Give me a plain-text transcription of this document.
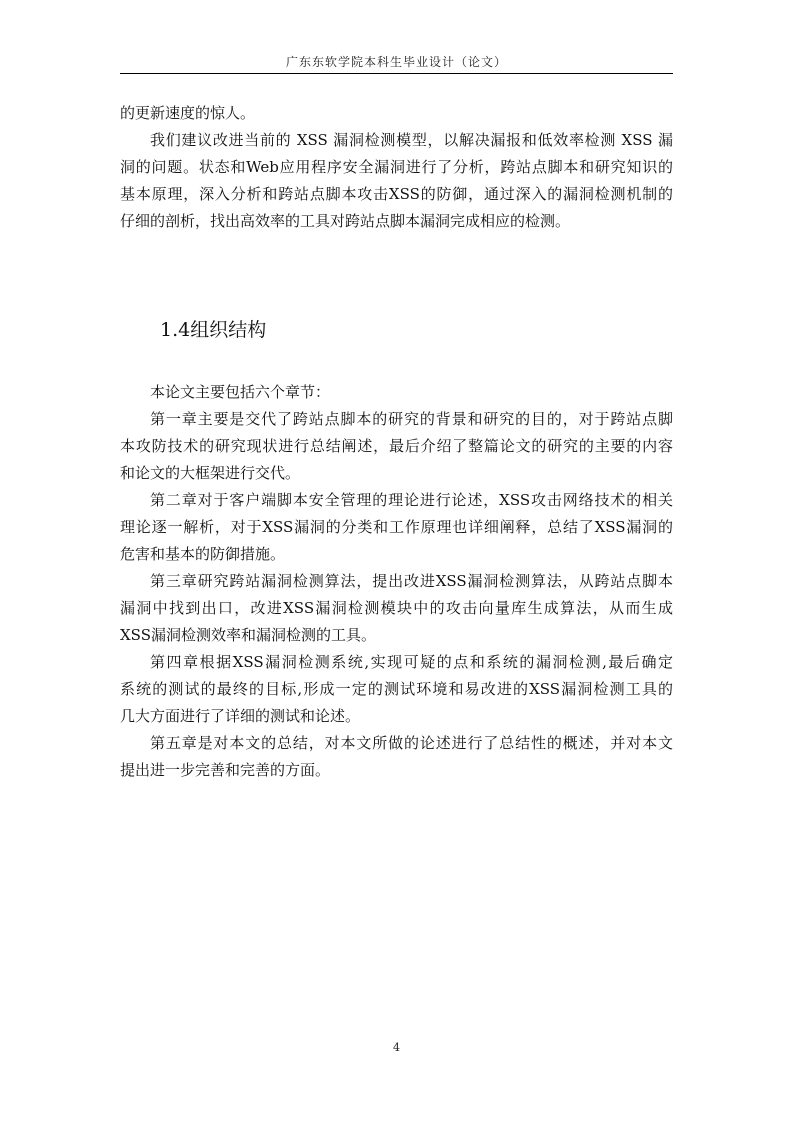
广东东软学院本科生毕业设计（论文）
的更新速度的惊人。
我们建议改进当前的 XSS 漏洞检测模型，以解决漏报和低效率检测 XSS 漏
洞的问题。状态和Web应用程序安全漏洞进行了分析，跨站点脚本和研究知识的
基本原理，深入分析和跨站点脚本攻击XSS的防御，通过深入的漏洞检测机制的
仔细的剖析，找出高效率的工具对跨站点脚本漏洞完成相应的检测。
1.4组织结构
本论文主要包括六个章节：
第一章主要是交代了跨站点脚本的研究的背景和研究的目的，对于跨站点脚
本攻防技术的研究现状进行总结阐述，最后介绍了整篇论文的研究的主要的内容
和论文的大框架进行交代。
第二章对于客户端脚本安全管理的理论进行论述，XSS攻击网络技术的相关
理论逐一解析，对于XSS漏洞的分类和工作原理也详细阐释，总结了XSS漏洞的
危害和基本的防御措施。
第三章研究跨站漏洞检测算法，提出改进XSS漏洞检测算法，从跨站点脚本
漏洞中找到出口，改进XSS漏洞检测模块中的攻击向量库生成算法，从而生成
XSS漏洞检测效率和漏洞检测的工具。
第四章根据XSS漏洞检测系统,实现可疑的点和系统的漏洞检测,最后确定
系统的测试的最终的目标,形成一定的测试环境和易改进的XSS漏洞检测工具的
几大方面进行了详细的测试和论述。
第五章是对本文的总结，对本文所做的论述进行了总结性的概述，并对本文
提出进一步完善和完善的方面。
4
